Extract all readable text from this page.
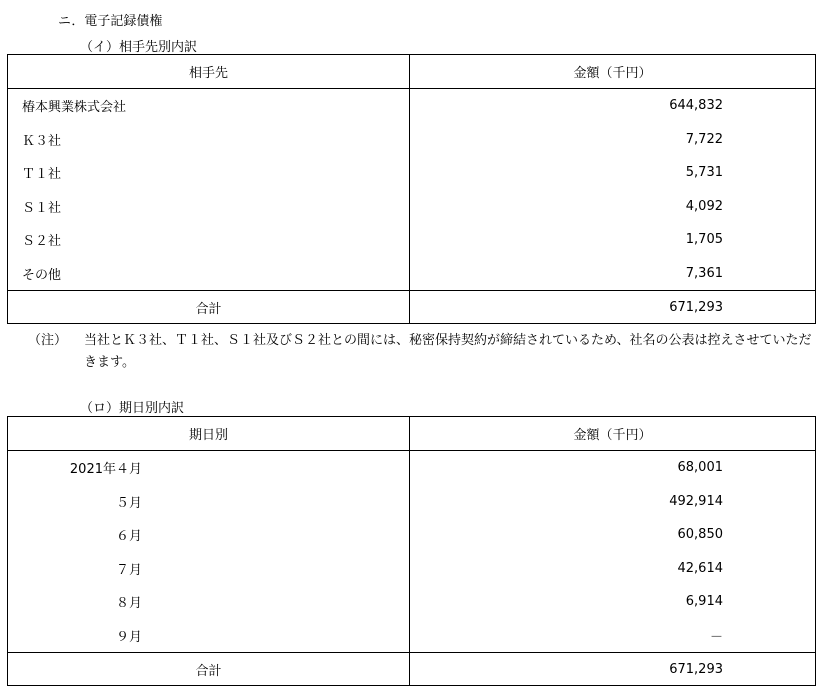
ニ．電子記録債権
（イ）相手先別内訳
相手先	金額（千円）
椿本興業株式会社	644,832
Ｋ３社	7,722
Ｔ１社	5,731
Ｓ１社	4,092
Ｓ２社	1,705
その他	7,361
合計	671,293
（注） 当社とＫ３社、Ｔ１社、Ｓ１社及びＳ２社との間には、秘密保持契約が締結されているため、社名の公表は控えさせていただきます。
（ロ）期日別内訳
期日別	金額（千円）
2021年４月	68,001
５月	492,914
６月	60,850
７月	42,614
８月	6,914
９月	－
合計	671,293
